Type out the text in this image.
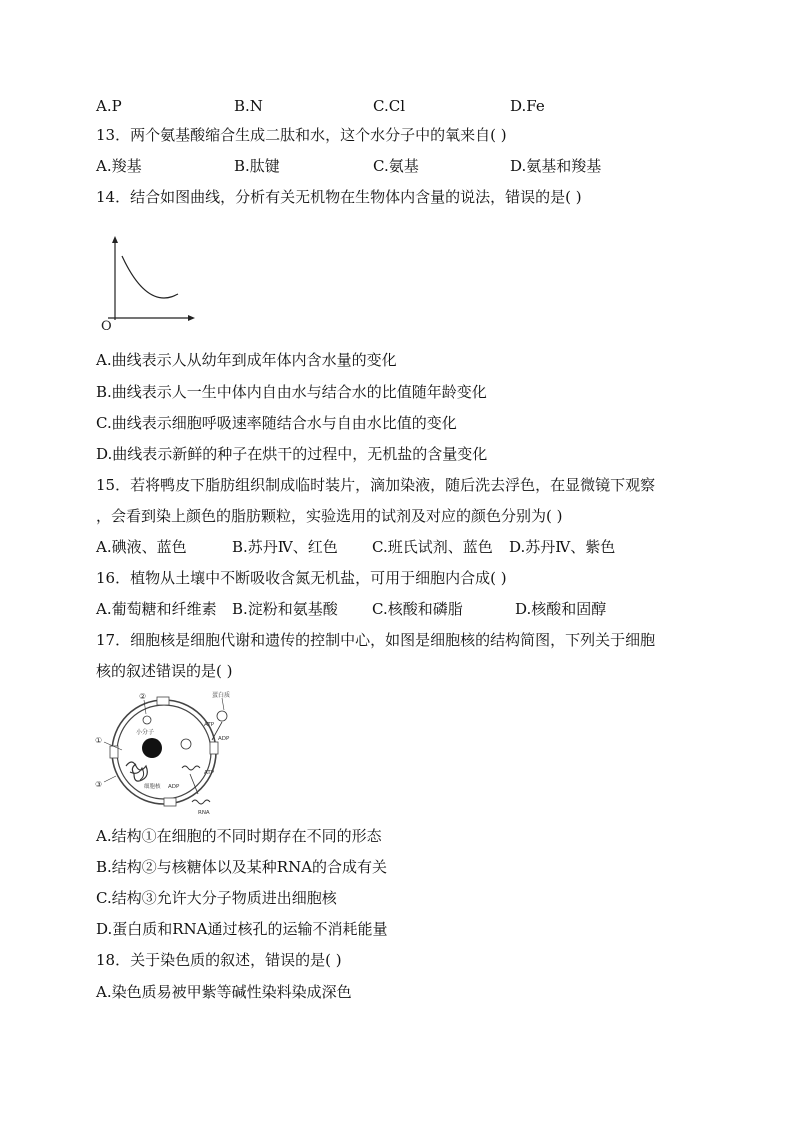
A.P	B.N	C.Cl	D.Fe
13．两个氨基酸缩合生成二肽和水，这个水分子中的氧来自( )
A.羧基	B.肽键	C.氨基	D.氨基和羧基
14．结合如图曲线，分析有关无机物在生物体内含量的说法，错误的是( )
O
A.曲线表示人从幼年到成年体内含水量的变化
B.曲线表示人一生中体内自由水与结合水的比值随年龄变化
C.曲线表示细胞呼吸速率随结合水与自由水比值的变化
D.曲线表示新鲜的种子在烘干的过程中，无机盐的含量变化
15．若将鸭皮下脂肪组织制成临时装片，滴加染液，随后洗去浮色，在显微镜下观察
，会看到染上颜色的脂肪颗粒，实验选用的试剂及对应的颜色分别为( )
A.碘液、蓝色	B.苏丹Ⅳ、红色 C.班氏试剂、蓝色 D.苏丹Ⅳ、紫色
16．植物从土壤中不断吸收含氮无机盐，可用于细胞内合成( )
A.葡萄糖和纤维素 B.淀粉和氨基酸 C.核酸和磷脂	D.核酸和固醇
17．细胞核是细胞代谢和遗传的控制中心，如图是细胞核的结构简图，下列关于细胞
核的叙述错误的是( )
蛋白质
②
①
③
小分子
ATP
ADP
ATP
ADP
细胞核
RNA
A.结构①在细胞的不同时期存在不同的形态
B.结构②与核糖体以及某种RNA的合成有关
C.结构③允许大分子物质进出细胞核
D.蛋白质和RNA通过核孔的运输不消耗能量
18．关于染色质的叙述，错误的是( )
A.染色质易被甲紫等碱性染料染成深色
